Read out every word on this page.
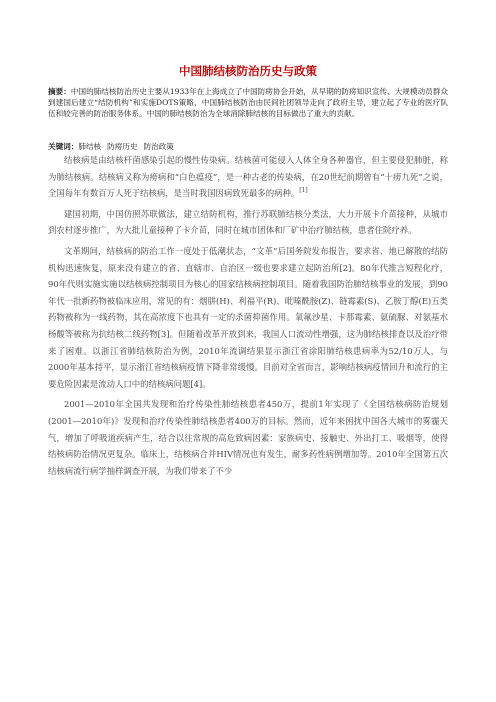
中国肺结核防治历史与政策
摘要：中国的肺结核防治历史主要从1933年在上海成立了中国防痨协会开始，从早期的防痨知识宣传、大规模动员群众到建国后建立“结防机构”和实施DOTS策略，中国肺结核防治由民间社团领导走向了政府主导，建立起了专业的医疗队伍和较完善的防治服务体系。中国的肺结核防治为全球消除肺结核的目标做出了重大的贡献。
关键词：肺结核 防痨历史 防治政策

结核病是由结核杆菌感染引起的慢性传染病。结核菌可能侵入人体全身各种器官，但主要侵犯肺脏，称为肺结核病。结核病又称为痨病和“白色瘟疫”，是一种古老的传染病，在20世纪前期曾有“十痨九死”之说，全国每年有数百万人死于结核病，是当时我国因病致死最多的病种。[1]

建国初期，中国仿照苏联做法，建立结防机构，推行苏联肺结核分类法，大力开展卡介苗接种，从城市到农村逐步推广，为大批儿童接种了卡介苗，同时在城市团体和厂矿中治疗肺结核，患者住院疗养。

文革期间，结核病的防治工作一度处于低潮状态，“文革”后国务院发布报告，要求省、地已解散的结防机构迅速恢复，原来没有建立的省、直辖市、自治区一级也要求建立起防治所[2]。80年代推言短程化疗，90年代则实施实施以结核病控制项目为核心的国家结核病控制项目。随着我国防治肺结核事业的发展，到90年代一批新药物被临床应用，常见的有：烟肼(H)、利福平(R)、吡嗪酰胺(Z)、链霉素(S)、乙胺丁醇(E)五类药物被称为一线药物，其在高浓度下也具有一定的杀菌抑菌作用。氧氟沙星、卡那霉素、氨硫脲、对氨基水杨酸等被称为抗结核二线药物[3]。但随着改革开放到来，我国人口流动性增强，这为肺结核排查以及治疗带来了困难。以浙江省肺结核防治为例，2010年流调结果显示浙江省涂阳肺结核患病率为52/10万人，与2000年基本持平，显示浙江省结核病疫情下降非常缓慢。目前对全省而言，影响结核病疫情回升和流行的主要危险因素是流动人口中的结核病问题[4]。

2001—2010年全国共发现和治疗传染性肺结核患者450万，提前1年实现了《全国结核病防治规划(2001—2010年)》发现和治疗传染性肺结核患者400万的目标。然而，近年来困扰中国各大城市的雾霾天气，增加了呼吸道疾病产生，结合以往常规的高危致病因素：家族病史、接触史、外出打工、吸烟等，使得结核病防治情况更复杂。临床上，结核病合并HIV情况也有发生，耐多药性病例增加等。2010年全国第五次结核病流行病学抽样调查开展，为我们带来了不少
